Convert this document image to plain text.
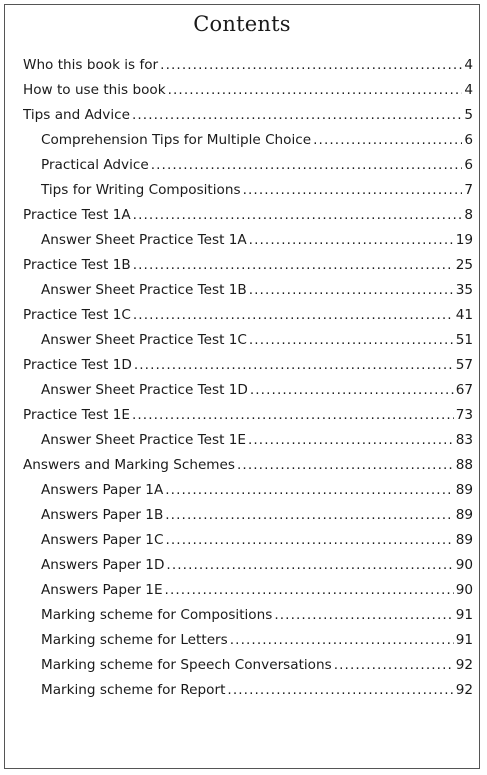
Contents
Who this book is for .....	4
How to use this book .....	4
Tips and Advice .....	5
Comprehension Tips for Multiple Choice .....	6
Practical Advice .....	6
Tips for Writing Compositions .....	7
Practice Test 1A .....	8
Answer Sheet Practice Test 1A .....	19
Practice Test 1B .....	25
Answer Sheet Practice Test 1B .....	35
Practice Test 1C .....	41
Answer Sheet Practice Test 1C .....	51
Practice Test 1D .....	57
Answer Sheet Practice Test 1D .....	67
Practice Test 1E .....	73
Answer Sheet Practice Test 1E .....	83
Answers and Marking Schemes .....	88
Answers Paper 1A .....	89
Answers Paper 1B .....	89
Answers Paper 1C .....	89
Answers Paper 1D .....	90
Answers Paper 1E .....	90
Marking scheme for Compositions .....	91
Marking scheme for Letters .....	91
Marking scheme for Speech Conversations .....	92
Marking scheme for Report .....	92
